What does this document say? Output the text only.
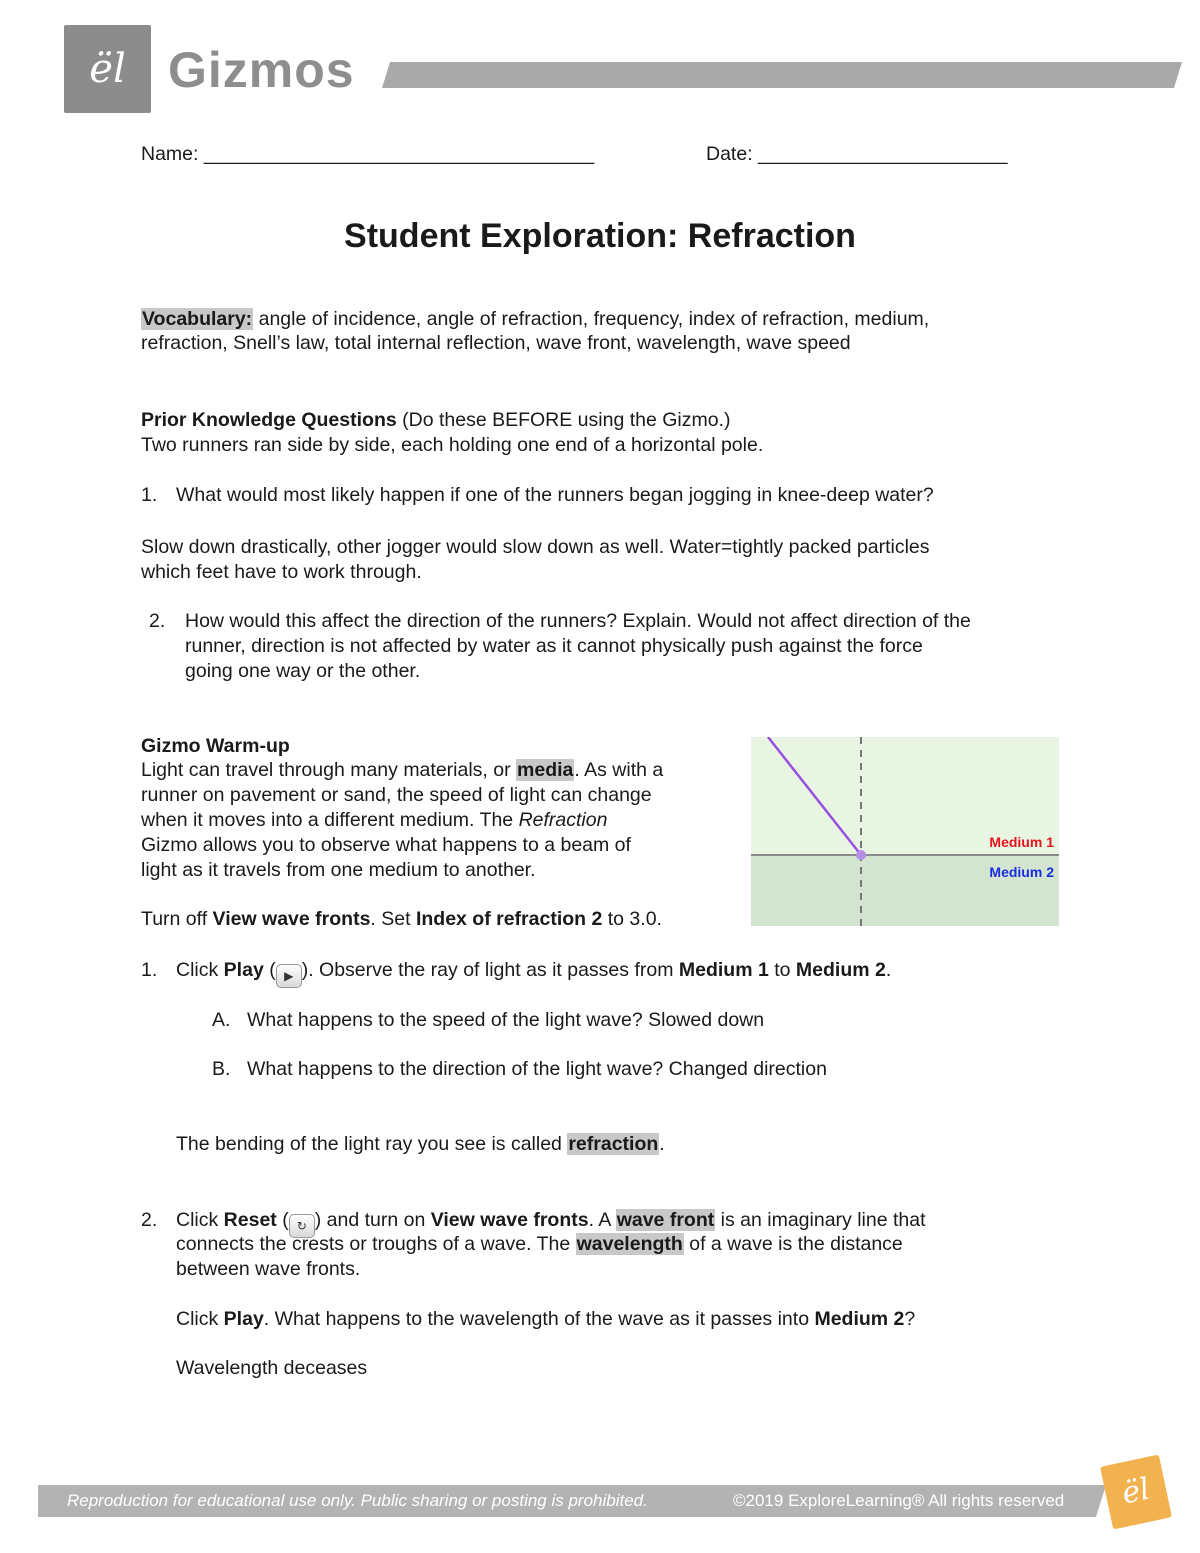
ël Gizmos
Name: ____________________________________	Date: _______________________
Student Exploration: Refraction
Vocabulary: angle of incidence, angle of refraction, frequency, index of refraction, medium,
refraction, Snell’s law, total internal reflection, wave front, wavelength, wave speed
Prior Knowledge Questions (Do these BEFORE using the Gizmo.)
Two runners ran side by side, each holding one end of a horizontal pole.
1. What would most likely happen if one of the runners began jogging in knee-deep water?
Slow down drastically, other jogger would slow down as well. Water=tightly packed particles
which feet have to work through.
2. How would this affect the direction of the runners? Explain. Would not affect direction of the
runner, direction is not affected by water as it cannot physically push against the force
going one way or the other.
Gizmo Warm-up
Light can travel through many materials, or media. As with a
runner on pavement or sand, the speed of light can change
when it moves into a different medium. The Refraction
Gizmo allows you to observe what happens to a beam of
light as it travels from one medium to another.
Turn off View wave fronts. Set Index of refraction 2 to 3.0.
Medium 1
Medium 2
1. Click Play ( ▶ ). Observe the ray of light as it passes from Medium 1 to Medium 2.
A. What happens to the speed of the light wave? Slowed down
B. What happens to the direction of the light wave? Changed direction
The bending of the light ray you see is called refraction.
2. Click Reset ( ↻ ) and turn on View wave fronts. A wave front is an imaginary line that
connects the crests or troughs of a wave. The wavelength of a wave is the distance
between wave fronts.
Click Play. What happens to the wavelength of the wave as it passes into Medium 2?
Wavelength deceases
Reproduction for educational use only. Public sharing or posting is prohibited.	©2019 ExploreLearning® All rights reserved	ël
